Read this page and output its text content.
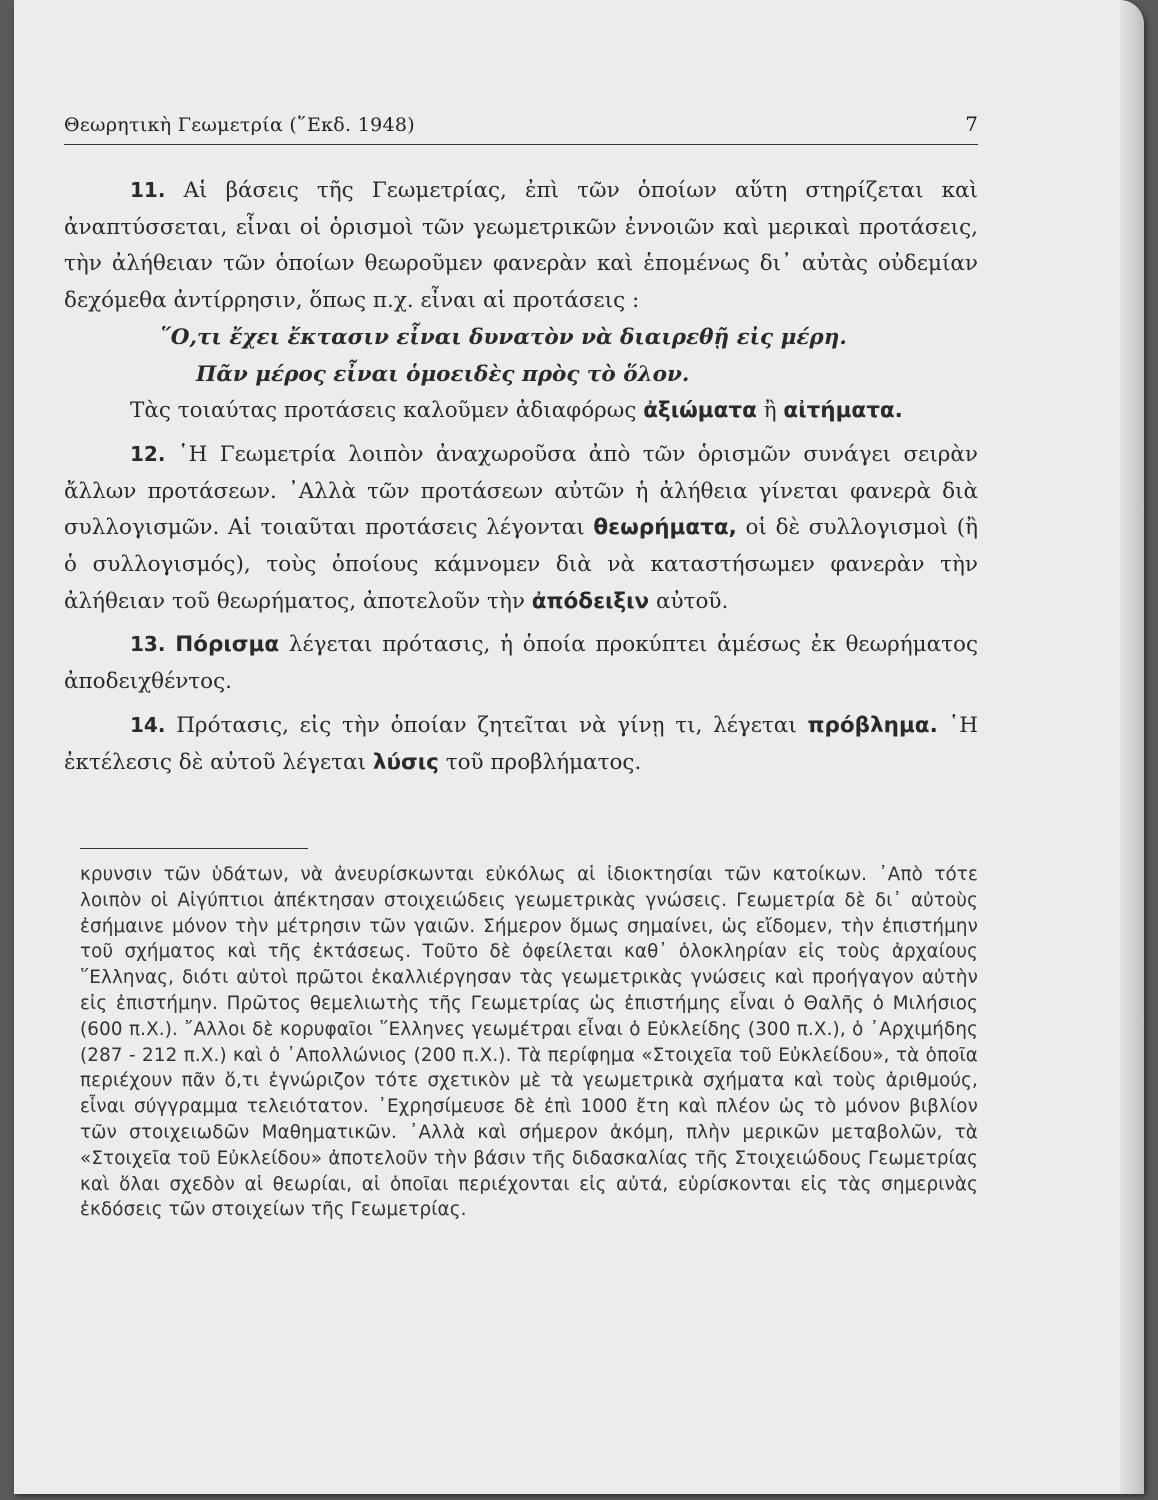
Θεωρητικὴ Γεωμετρία (῞Εκδ. 1948)	7

11. Αἱ βάσεις τῆς Γεωμετρίας, ἐπὶ τῶν ὁποίων αὕτη στηρίζεται καὶ ἀναπτύσσεται, εἶναι οἱ ὁρισμοὶ τῶν γεωμετρικῶν ἐννοιῶν καὶ μερικαὶ προτάσεις, τὴν ἀλήθειαν τῶν ὁποίων θεωροῦμεν φανερὰν καὶ ἑπομένως δι᾽ αὐτὰς οὐδεμίαν δεχόμεθα ἀντίρρησιν, ὅπως π.χ. εἶναι αἱ προτάσεις :

῞Ο,τι ἔχει ἔκτασιν εἶναι δυνατὸν νὰ διαιρεθῇ εἰς μέρη.

Πᾶν μέρος εἶναι ὁμοειδὲς πρὸς τὸ ὅλον.

Τὰς τοιαύτας προτάσεις καλοῦμεν ἀδιαφόρως ἀξιώματα ἢ αἰτήματα.

12. ῾Η Γεωμετρία λοιπὸν ἀναχωροῦσα ἀπὸ τῶν ὁρισμῶν συνάγει σειρὰν ἄλλων προτάσεων. ᾿Αλλὰ τῶν προτάσεων αὐτῶν ἡ ἀλήθεια γίνεται φανερὰ διὰ συλλογισμῶν. Αἱ τοιαῦται προτάσεις λέγονται θεωρήματα, οἱ δὲ συλλογισμοὶ (ἢ ὁ συλλογισμός), τοὺς ὁποίους κάμνομεν διὰ νὰ καταστήσωμεν φανερὰν τὴν ἀλήθειαν τοῦ θεωρήματος, ἀποτελοῦν τὴν ἀπόδειξιν αὐτοῦ.

13. Πόρισμα λέγεται πρότασις, ἡ ὁποία προκύπτει ἀμέσως ἐκ θεωρήματος ἀποδειχθέντος.

14. Πρότασις, εἰς τὴν ὁποίαν ζητεῖται νὰ γίνῃ τι, λέγεται πρόβλημα. ῾Η ἐκτέλεσις δὲ αὐτοῦ λέγεται λύσις τοῦ προβλήματος.

κρυνσιν τῶν ὑδάτων, νὰ ἀνευρίσκωνται εὐκόλως αἱ ἰδιοκτησίαι τῶν κατοίκων. ᾿Απὸ τότε λοιπὸν οἱ Αἰγύπτιοι ἀπέκτησαν στοιχειώδεις γεωμετρικὰς γνώσεις. Γεωμετρία δὲ δι᾽ αὐτοὺς ἐσήμαινε μόνον τὴν μέτρησιν τῶν γαιῶν. Σήμερον ὅμως σημαίνει, ὡς εἴδομεν, τὴν ἐπιστήμην τοῦ σχήματος καὶ τῆς ἐκτάσεως. Τοῦτο δὲ ὀφείλεται καθ᾽ ὁλοκληρίαν εἰς τοὺς ἀρχαίους ῞Ελληνας, διότι αὐτοὶ πρῶτοι ἐκαλλιέργησαν τὰς γεωμετρικὰς γνώσεις καὶ προήγαγον αὐτὴν εἰς ἐπιστήμην. Πρῶτος θεμελιωτὴς τῆς Γεωμετρίας ὡς ἐπιστήμης εἶναι ὁ Θαλῆς ὁ Μιλήσιος (600 π.Χ.). ῎Αλλοι δὲ κορυφαῖοι ῞Ελληνες γεωμέτραι εἶναι ὁ Εὐκλείδης (300 π.Χ.), ὁ ᾿Αρχιμήδης (287 - 212 π.Χ.) καὶ ὁ ᾿Απολλώνιος (200 π.Χ.). Τὰ περίφημα «Στοιχεῖα τοῦ Εὐκλείδου», τὰ ὁποῖα περιέχουν πᾶν ὅ,τι ἐγνώριζον τότε σχετικὸν μὲ τὰ γεωμετρικὰ σχήματα καὶ τοὺς ἀριθμούς, εἶναι σύγγραμμα τελειότατον. ᾿Εχρησίμευσε δὲ ἐπὶ 1000 ἔτη καὶ πλέον ὡς τὸ μόνον βιβλίον τῶν στοιχειωδῶν Μαθηματικῶν. ᾿Αλλὰ καὶ σήμερον ἀκόμη, πλὴν μερικῶν μεταβολῶν, τὰ «Στοιχεῖα τοῦ Εὐκλείδου» ἀποτελοῦν τὴν βάσιν τῆς διδασκαλίας τῆς Στοιχειώδους Γεωμετρίας καὶ ὅλαι σχεδὸν αἱ θεωρίαι, αἱ ὁποῖαι περιέχονται εἰς αὐτά, εὑρίσκονται εἰς τὰς σημερινὰς ἐκδόσεις τῶν στοιχείων τῆς Γεωμετρίας.
